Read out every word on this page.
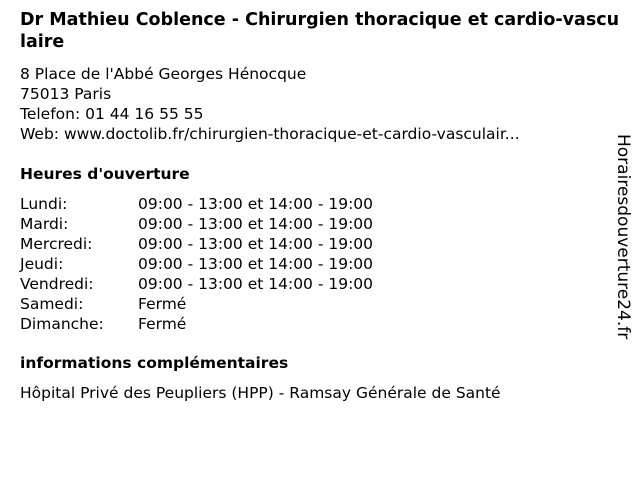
Dr Mathieu Coblence - Chirurgien thoracique et cardio-vasculaire
8 Place de l'Abbé Georges Hénocque
75013 Paris
Telefon: 01 44 16 55 55
Web: www.doctolib.fr/chirurgien-thoracique-et-cardio-vasculair...
Heures d'ouverture
Lundi:	09:00 - 13:00 et 14:00 - 19:00
Mardi:	09:00 - 13:00 et 14:00 - 19:00
Mercredi:	09:00 - 13:00 et 14:00 - 19:00
Jeudi:	09:00 - 13:00 et 14:00 - 19:00
Vendredi:	09:00 - 13:00 et 14:00 - 19:00
Samedi:	Fermé
Dimanche:	Fermé
informations complémentaires
Hôpital Privé des Peupliers (HPP) - Ramsay Générale de Santé
Horairesdouverture24.fr
